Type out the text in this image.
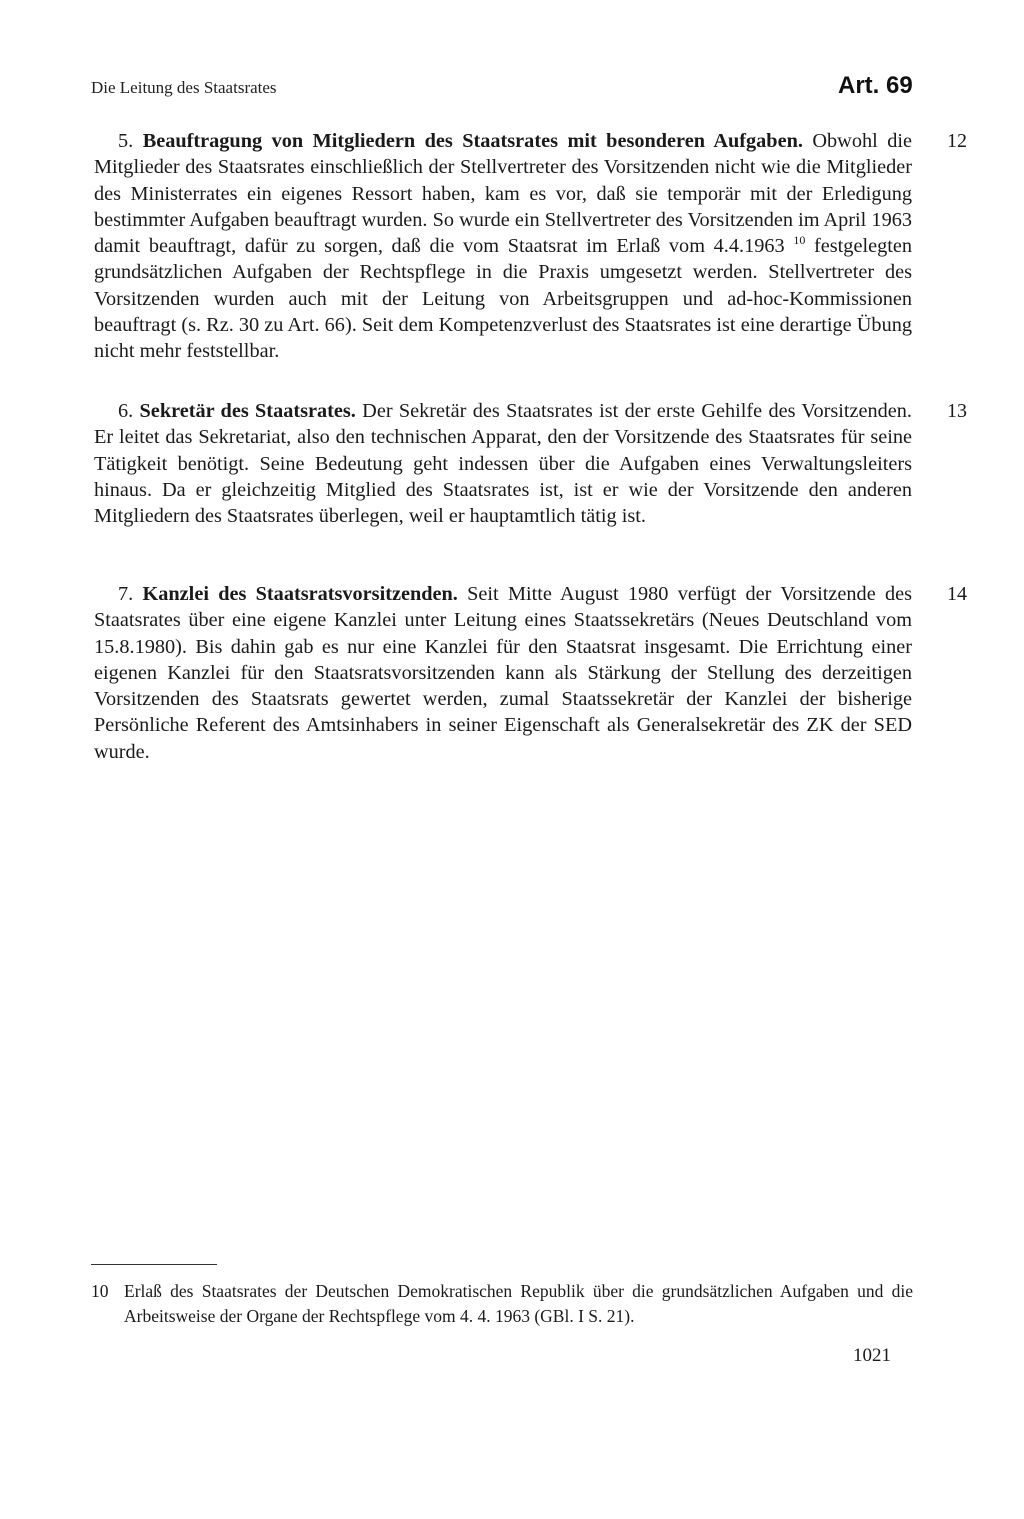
Die Leitung des Staatsrates	Art. 69

5. Beauftragung von Mitgliedern des Staatsrates mit besonderen Aufgaben. Obwohl die Mitglieder des Staatsrates einschließlich der Stellvertreter des Vorsitzenden nicht wie die Mitglieder des Ministerrates ein eigenes Ressort haben, kam es vor, daß sie temporär mit der Erledigung bestimmter Aufgaben beauftragt wurden. So wurde ein Stellvertreter des Vorsitzenden im April 1963 damit beauftragt, dafür zu sorgen, daß die vom Staatsrat im Erlaß vom 4.4.1963 $^{10}$ festgelegten grundsätzlichen Aufgaben der Rechtspflege in die Praxis umgesetzt werden. Stellvertreter des Vorsitzenden wurden auch mit der Leitung von Arbeitsgruppen und ad-hoc-Kommissionen beauftragt (s. Rz. 30 zu Art. 66). Seit dem Kompetenzverlust des Staatsrates ist eine derartige Übung nicht mehr feststellbar.

12

6. Sekretär des Staatsrates. Der Sekretär des Staatsrates ist der erste Gehilfe des Vorsitzenden. Er leitet das Sekretariat, also den technischen Apparat, den der Vorsitzende des Staatsrates für seine Tätigkeit benötigt. Seine Bedeutung geht indessen über die Aufgaben eines Verwaltungsleiters hinaus. Da er gleichzeitig Mitglied des Staatsrates ist, ist er wie der Vorsitzende den anderen Mitgliedern des Staatsrates überlegen, weil er hauptamtlich tätig ist.

13

7. Kanzlei des Staatsratsvorsitzenden. Seit Mitte August 1980 verfügt der Vorsitzende des Staatsrates über eine eigene Kanzlei unter Leitung eines Staatssekretärs (Neues Deutschland vom 15.8.1980). Bis dahin gab es nur eine Kanzlei für den Staatsrat insgesamt. Die Errichtung einer eigenen Kanzlei für den Staatsratsvorsitzenden kann als Stärkung der Stellung des derzeitigen Vorsitzenden des Staatsrats gewertet werden, zumal Staatssekretär der Kanzlei der bisherige Persönliche Referent des Amtsinhabers in seiner Eigenschaft als Generalsekretär des ZK der SED wurde.

14
10 Erlaß des Staatsrates der Deutschen Demokratischen Republik über die grundsätzlichen Aufgaben und die Arbeitsweise der Organe der Rechtspflege vom 4. 4. 1963 (GBl. I S. 21).
1021
